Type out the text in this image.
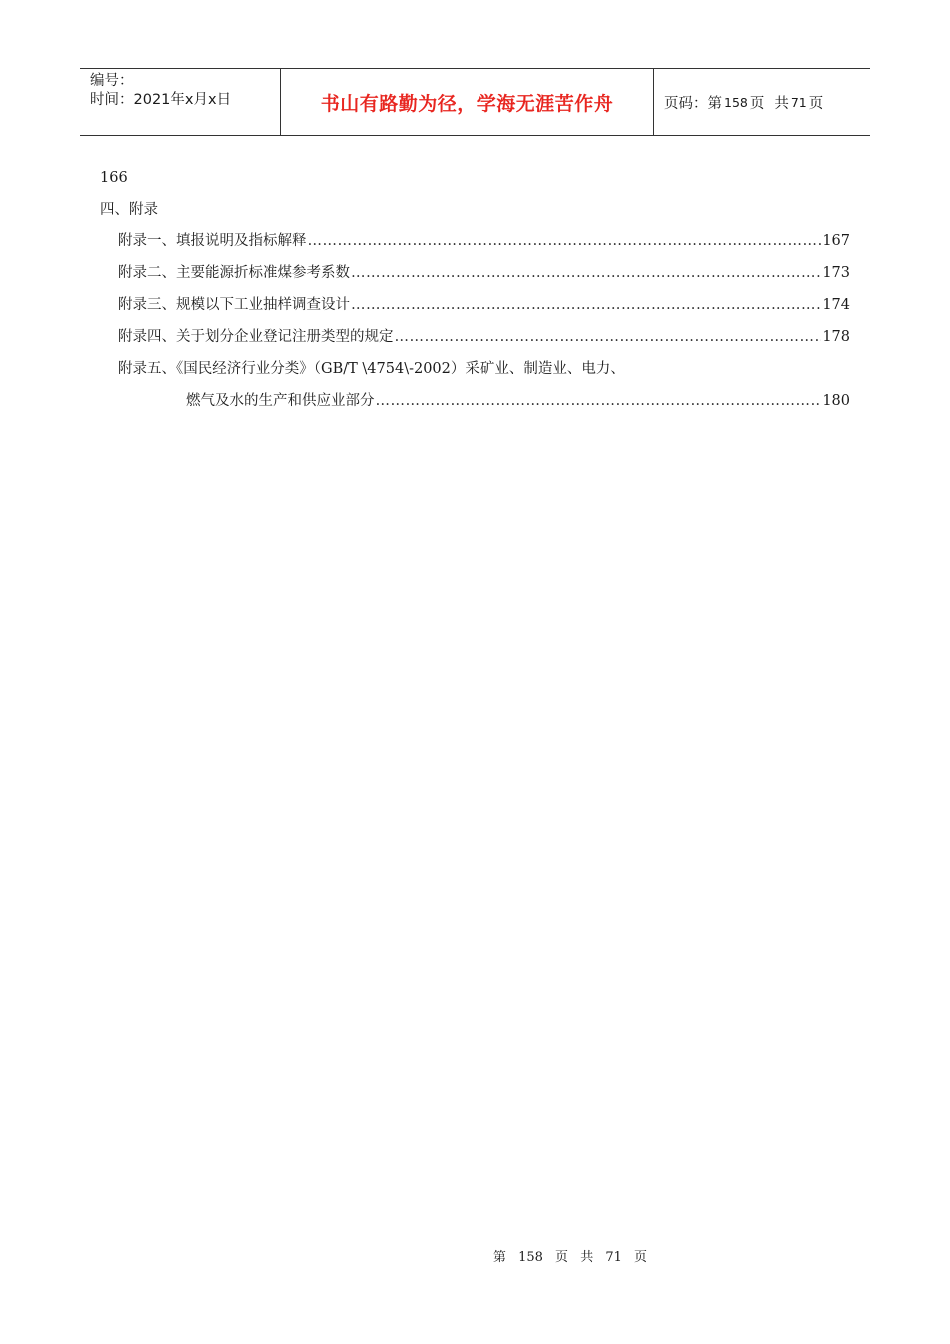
编号：
时间：2021年x月x日	书山有路勤为径，学海无涯苦作舟	页码：第 158 页 共 71 页
166
四、附录
附录一、填报说明及指标解释 ……………………………………………………………………………………………………………………………………………………………………………………………………	167
附录二、主要能源折标准煤参考系数 ……………………………………………………………………………………………………………………………………………………………………………………………………	173
附录三、规模以下工业抽样调查设计 ……………………………………………………………………………………………………………………………………………………………………………………………………	174
附录四、关于划分企业登记注册类型的规定 ……………………………………………………………………………………………………………………………………………………………………………………………………	178
附录五、《国民经济行业分类》（GB/T \4754\-2002）采矿业、制造业、电力、
燃气及水的生产和供应业部分 ……………………………………………………………………………………………………………………………………………………………………………………………………	180
第 158 页 共 71 页
